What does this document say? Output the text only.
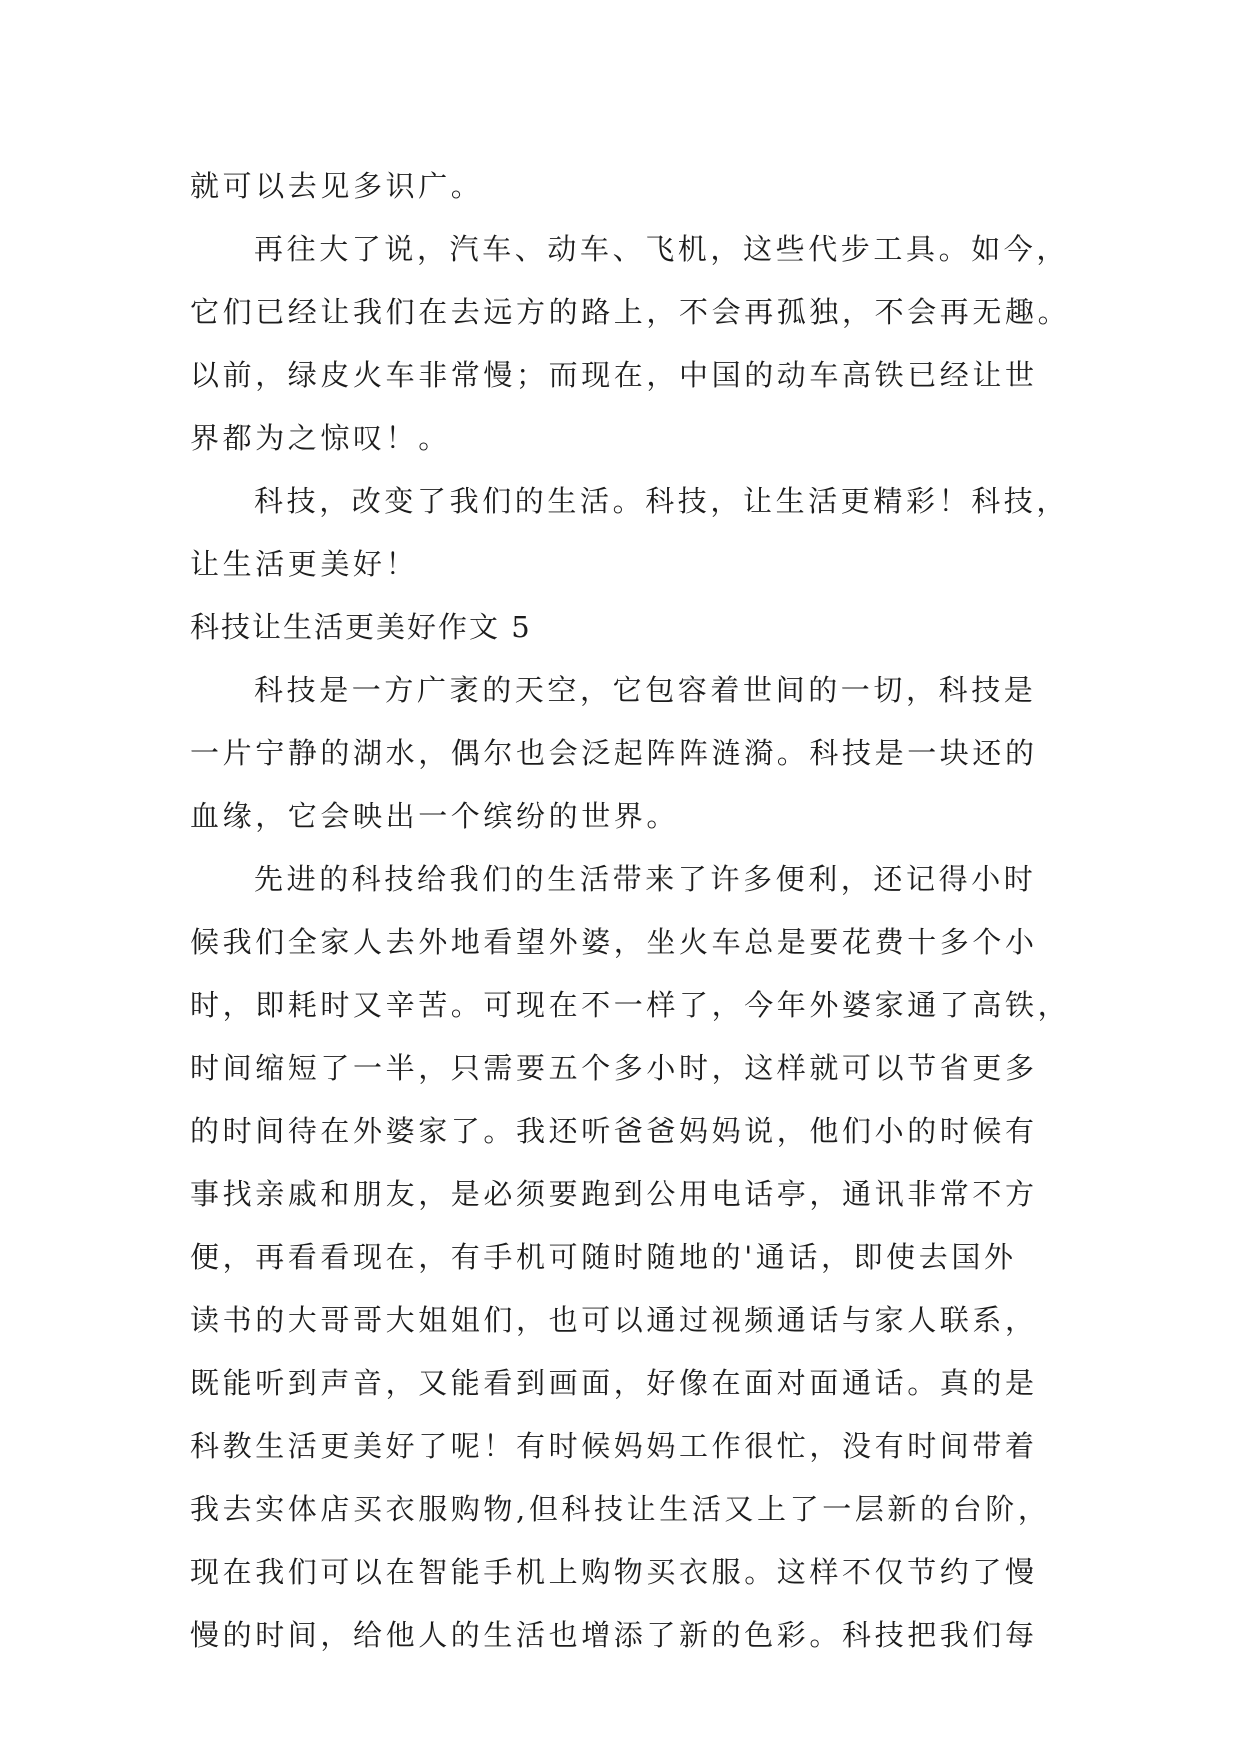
就可以去见多识广。
再往大了说，汽车、动车、飞机，这些代步工具。如今，
它们已经让我们在去远方的路上，不会再孤独，不会再无趣。
以前，绿皮火车非常慢；而现在，中国的动车高铁已经让世
界都为之惊叹！。
科技，改变了我们的生活。科技，让生活更精彩！科技，
让生活更美好！
科技让生活更美好作文 5
科技是一方广袤的天空，它包容着世间的一切，科技是
一片宁静的湖水，偶尔也会泛起阵阵涟漪。科技是一块还的
血缘，它会映出一个缤纷的世界。
先进的科技给我们的生活带来了许多便利，还记得小时
候我们全家人去外地看望外婆，坐火车总是要花费十多个小
时，即耗时又辛苦。可现在不一样了，今年外婆家通了高铁，
时间缩短了一半，只需要五个多小时，这样就可以节省更多
的时间待在外婆家了。我还听爸爸妈妈说，他们小的时候有
事找亲戚和朋友，是必须要跑到公用电话亭，通讯非常不方
便，再看看现在，有手机可随时随地的'通话，即使去国外
读书的大哥哥大姐姐们，也可以通过视频通话与家人联系，
既能听到声音，又能看到画面，好像在面对面通话。真的是
科教生活更美好了呢！有时候妈妈工作很忙，没有时间带着
我去实体店买衣服购物,但科技让生活又上了一层新的台阶，
现在我们可以在智能手机上购物买衣服。这样不仅节约了慢
慢的时间，给他人的生活也增添了新的色彩。科技把我们每
